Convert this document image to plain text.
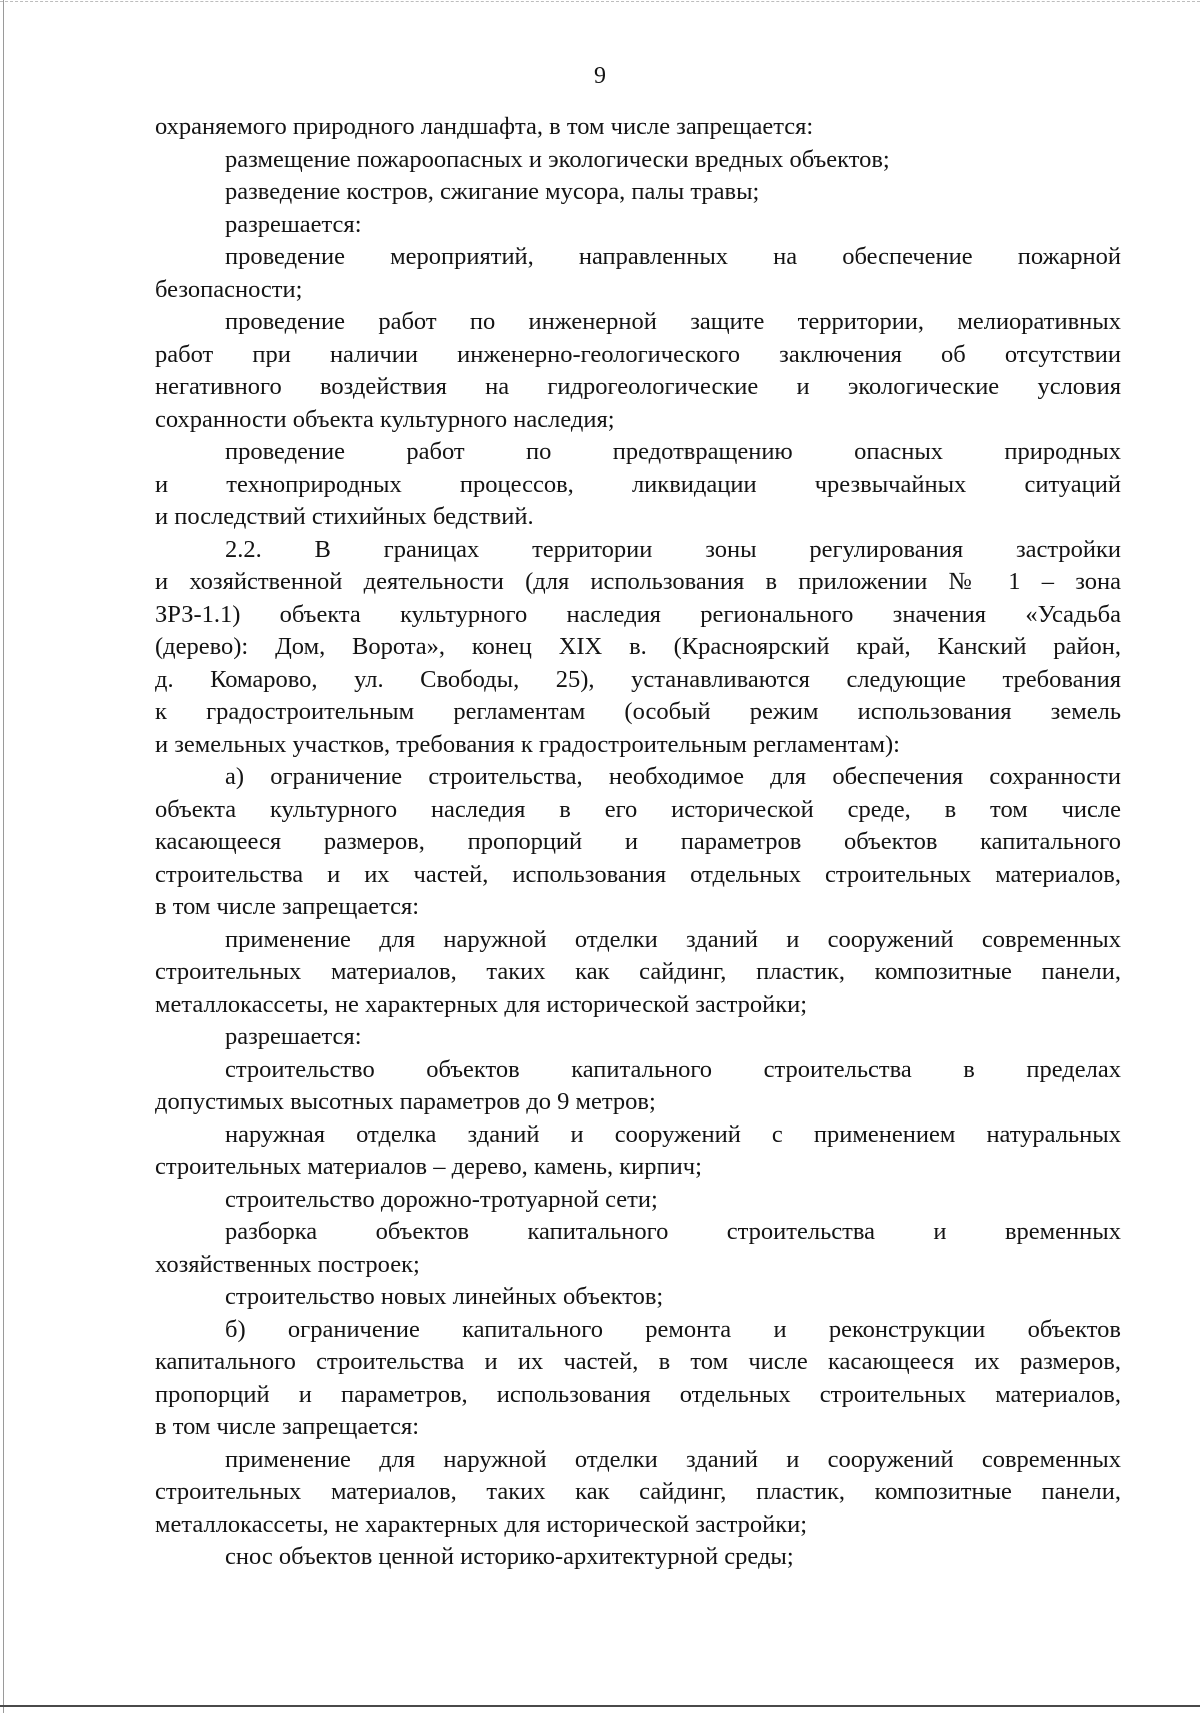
9
охраняемого природного ландшафта, в том числе запрещается:
размещение пожароопасных и экологически вредных объектов;
разведение костров, сжигание мусора, палы травы;
разрешается:
проведение мероприятий, направленных на обеспечение пожарной
безопасности;
проведение работ по инженерной защите территории, мелиоративных
работ при наличии инженерно-геологического заключения об отсутствии
негативного воздействия на гидрогеологические и экологические условия
сохранности объекта культурного наследия;
проведение работ по предотвращению опасных природных
и технoприродных процессов, ликвидации чрезвычайных ситуаций
и последствий стихийных бедствий.
2.2. В границах территории зоны регулирования застройки
и хозяйственной деятельности (для использования в приложении № 1 – зона
ЗРЗ-1.1) объекта культурного наследия регионального значения «Усадьба
(дерево): Дом, Ворота», конец XIX в. (Красноярский край, Канский район,
д. Комарово, ул. Свободы, 25), устанавливаются следующие требования
к градостроительным регламентам (особый режим использования земель
и земельных участков, требования к градостроительным регламентам):
а) ограничение строительства, необходимое для обеспечения сохранности
объекта культурного наследия в его исторической среде, в том числе
касающееся размеров, пропорций и параметров объектов капитального
строительства и их частей, использования отдельных строительных материалов,
в том числе запрещается:
применение для наружной отделки зданий и сооружений современных
строительных материалов, таких как сайдинг, пластик, композитные панели,
металлокассеты, не характерных для исторической застройки;
разрешается:
строительство объектов капитального строительства в пределах
допустимых высотных параметров до 9 метров;
наружная отделка зданий и сооружений с применением натуральных
строительных материалов – дерево, камень, кирпич;
строительство дорожно-тротуарной сети;
разборка объектов капитального строительства и временных
хозяйственных построек;
строительство новых линейных объектов;
б) ограничение капитального ремонта и реконструкции объектов
капитального строительства и их частей, в том числе касающееся их размеров,
пропорций и параметров, использования отдельных строительных материалов,
в том числе запрещается:
применение для наружной отделки зданий и сооружений современных
строительных материалов, таких как сайдинг, пластик, композитные панели,
металлокассеты, не характерных для исторической застройки;
снос объектов ценной историко-архитектурной среды;
